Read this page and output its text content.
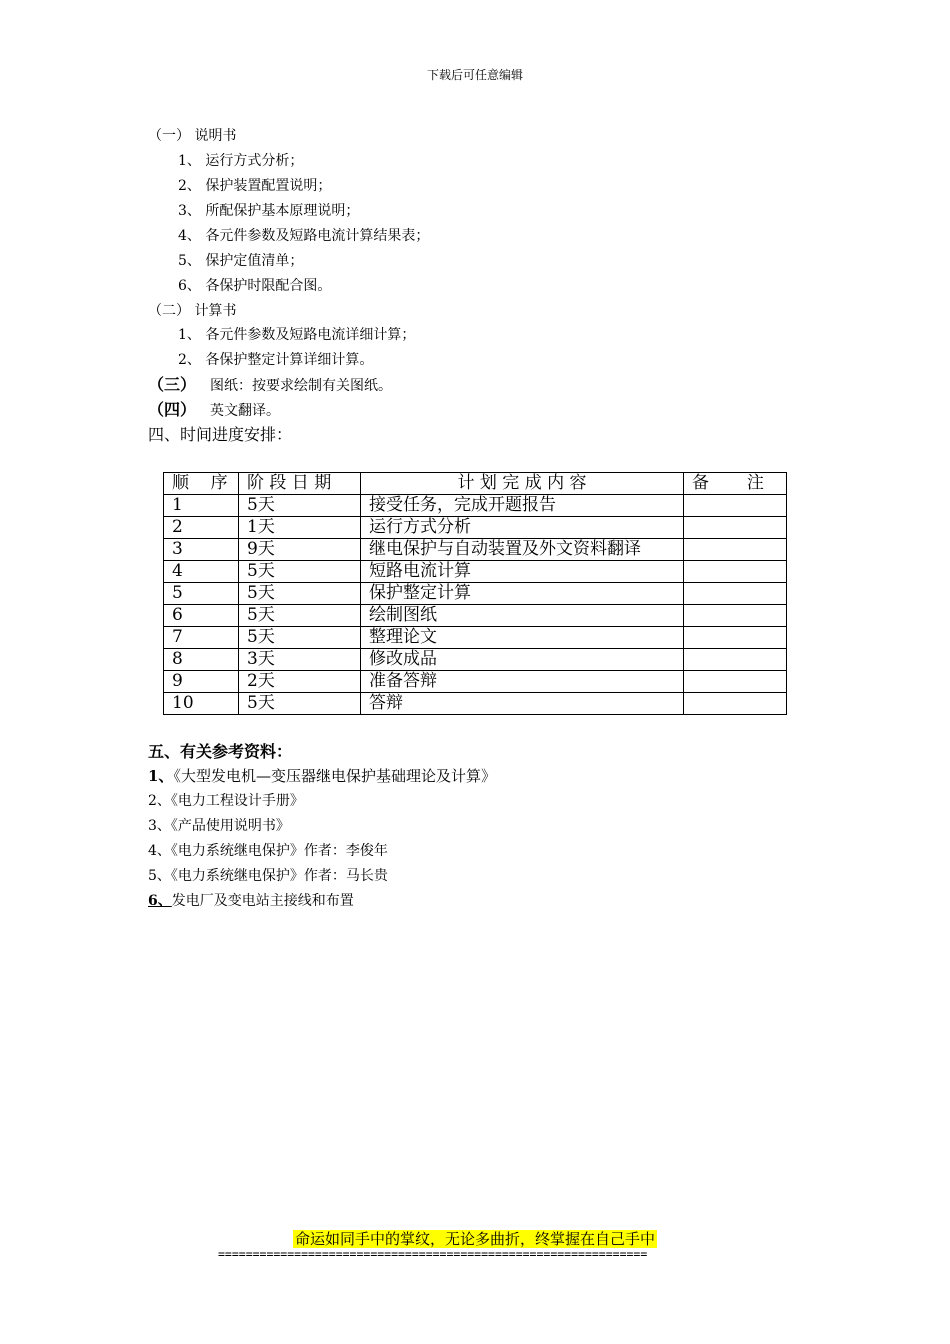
下载后可任意编辑
（一） 说明书
1、 运行方式分析；
2、 保护装置配置说明；
3、 所配保护基本原理说明；
4、 各元件参数及短路电流计算结果表；
5、 保护定值清单；
6、 各保护时限配合图。
（二） 计算书
1、 各元件参数及短路电流详细计算；
2、 各保护整定计算详细计算。
（三） 图纸：按要求绘制有关图纸。
（四） 英文翻译。
四、时间进度安排：
顺    序	阶 段 日 期	计 划 完 成 内 容	备       注
1	5天	接受任务，完成开题报告	
2	1天	运行方式分析	
3	9天	继电保护与自动装置及外文资料翻译	
4	5天	短路电流计算	
5	5天	保护整定计算	
6	5天	绘制图纸	
7	5天	整理论文	
8	3天	修改成品	
9	2天	准备答辩	
10	5天	答辩	
五、有关参考资料：
1、《大型发电机—变压器继电保护基础理论及计算》
2、《电力工程设计手册》
3、《产品使用说明书》
4、《电力系统继电保护》作者：李俊年
5、《电力系统继电保护》作者：马长贵
6、发电厂及变电站主接线和布置
命运如同手中的掌纹，无论多曲折，终掌握在自己手中
==============================================================
